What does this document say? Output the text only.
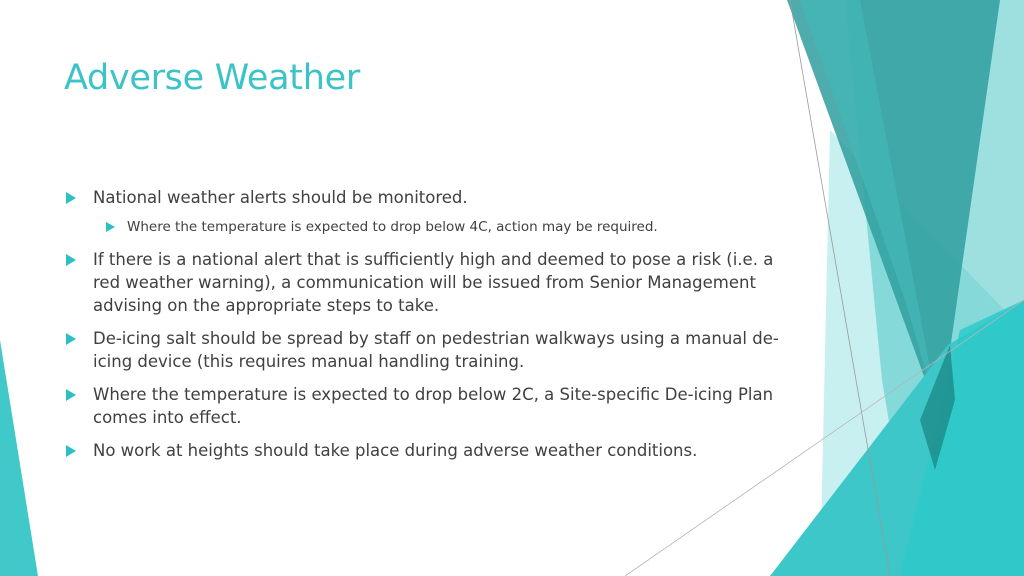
Adverse Weather
National weather alerts should be monitored.
Where the temperature is expected to drop below 4C, action may be required.
If there is a national alert that is sufficiently high and deemed to pose a risk (i.e. a red weather warning), a communication will be issued from Senior Management advising on the appropriate steps to take.
De-icing salt should be spread by staff on pedestrian walkways using a manual de-icing device (this requires manual handling training.
Where the temperature is expected to drop below 2C, a Site-specific De-icing Plan comes into effect.
No work at heights should take place during adverse weather conditions.
